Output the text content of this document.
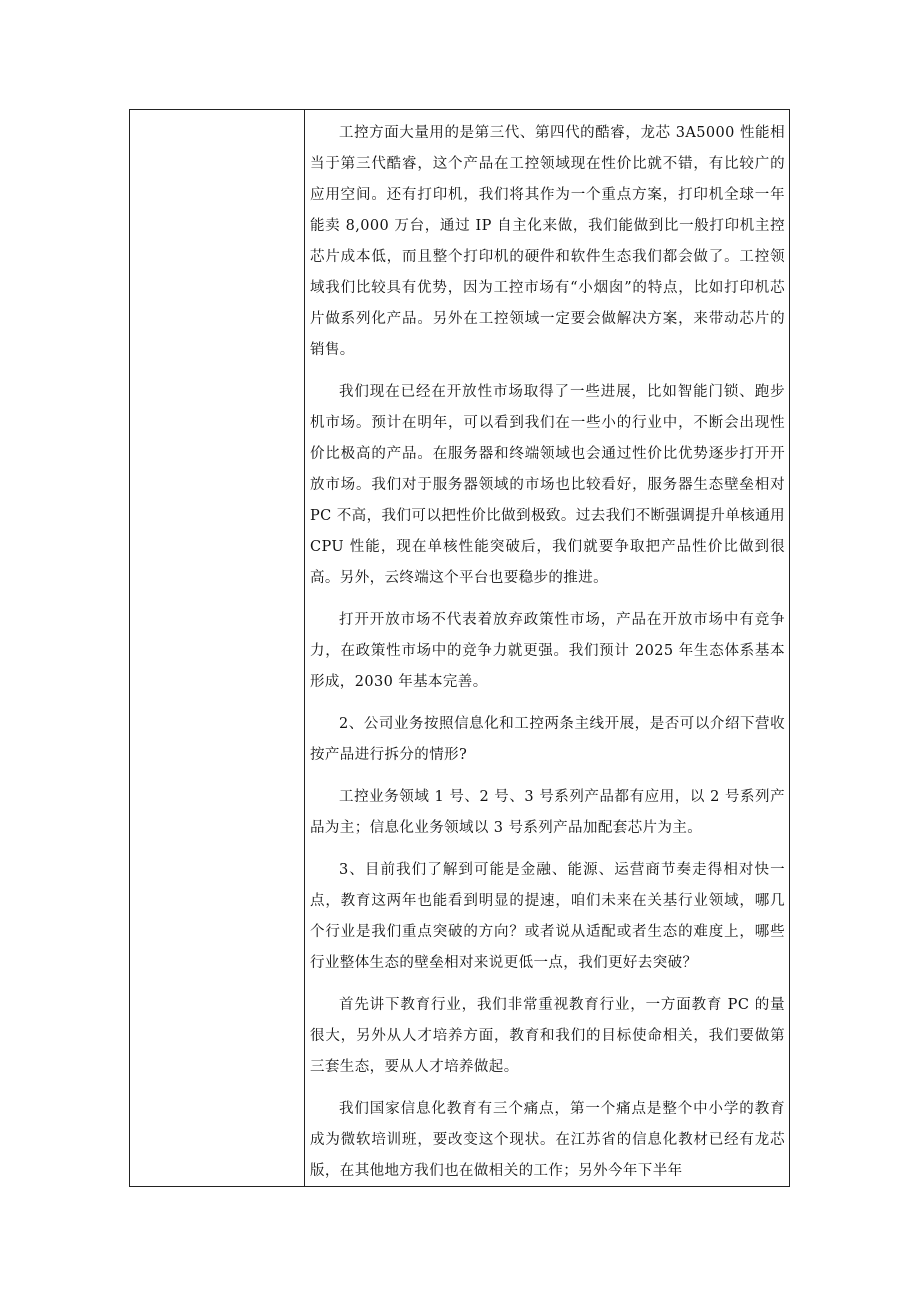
工控方面大量用的是第三代、第四代的酷睿，龙芯 3A5000 性能相当于第三代酷睿，这个产品在工控领域现在性价比就不错，有比较广的应用空间。还有打印机，我们将其作为一个重点方案，打印机全球一年能卖 8,000 万台，通过 IP 自主化来做，我们能做到比一般打印机主控芯片成本低，而且整个打印机的硬件和软件生态我们都会做了。工控领域我们比较具有优势，因为工控市场有“小烟囱”的特点，比如打印机芯片做系列化产品。另外在工控领域一定要会做解决方案，来带动芯片的销售。

我们现在已经在开放性市场取得了一些进展，比如智能门锁、跑步机市场。预计在明年，可以看到我们在一些小的行业中，不断会出现性价比极高的产品。在服务器和终端领域也会通过性价比优势逐步打开开放市场。我们对于服务器领域的市场也比较看好，服务器生态壁垒相对 PC 不高，我们可以把性价比做到极致。过去我们不断强调提升单核通用 CPU 性能，现在单核性能突破后，我们就要争取把产品性价比做到很高。另外，云终端这个平台也要稳步的推进。

打开开放市场不代表着放弃政策性市场，产品在开放市场中有竞争力，在政策性市场中的竞争力就更强。我们预计 2025 年生态体系基本形成，2030 年基本完善。

2、公司业务按照信息化和工控两条主线开展，是否可以介绍下营收按产品进行拆分的情形?

工控业务领域 1 号、2 号、3 号系列产品都有应用，以 2 号系列产品为主；信息化业务领域以 3 号系列产品加配套芯片为主。

3、目前我们了解到可能是金融、能源、运营商节奏走得相对快一点，教育这两年也能看到明显的提速，咱们未来在关基行业领域，哪几个行业是我们重点突破的方向？或者说从适配或者生态的难度上，哪些行业整体生态的壁垒相对来说更低一点，我们更好去突破？

首先讲下教育行业，我们非常重视教育行业，一方面教育 PC 的量很大，另外从人才培养方面，教育和我们的目标使命相关，我们要做第三套生态，要从人才培养做起。

我们国家信息化教育有三个痛点，第一个痛点是整个中小学的教育成为微软培训班，要改变这个现状。在江苏省的信息化教材已经有龙芯版，在其他地方我们也在做相关的工作；另外今年下半年
